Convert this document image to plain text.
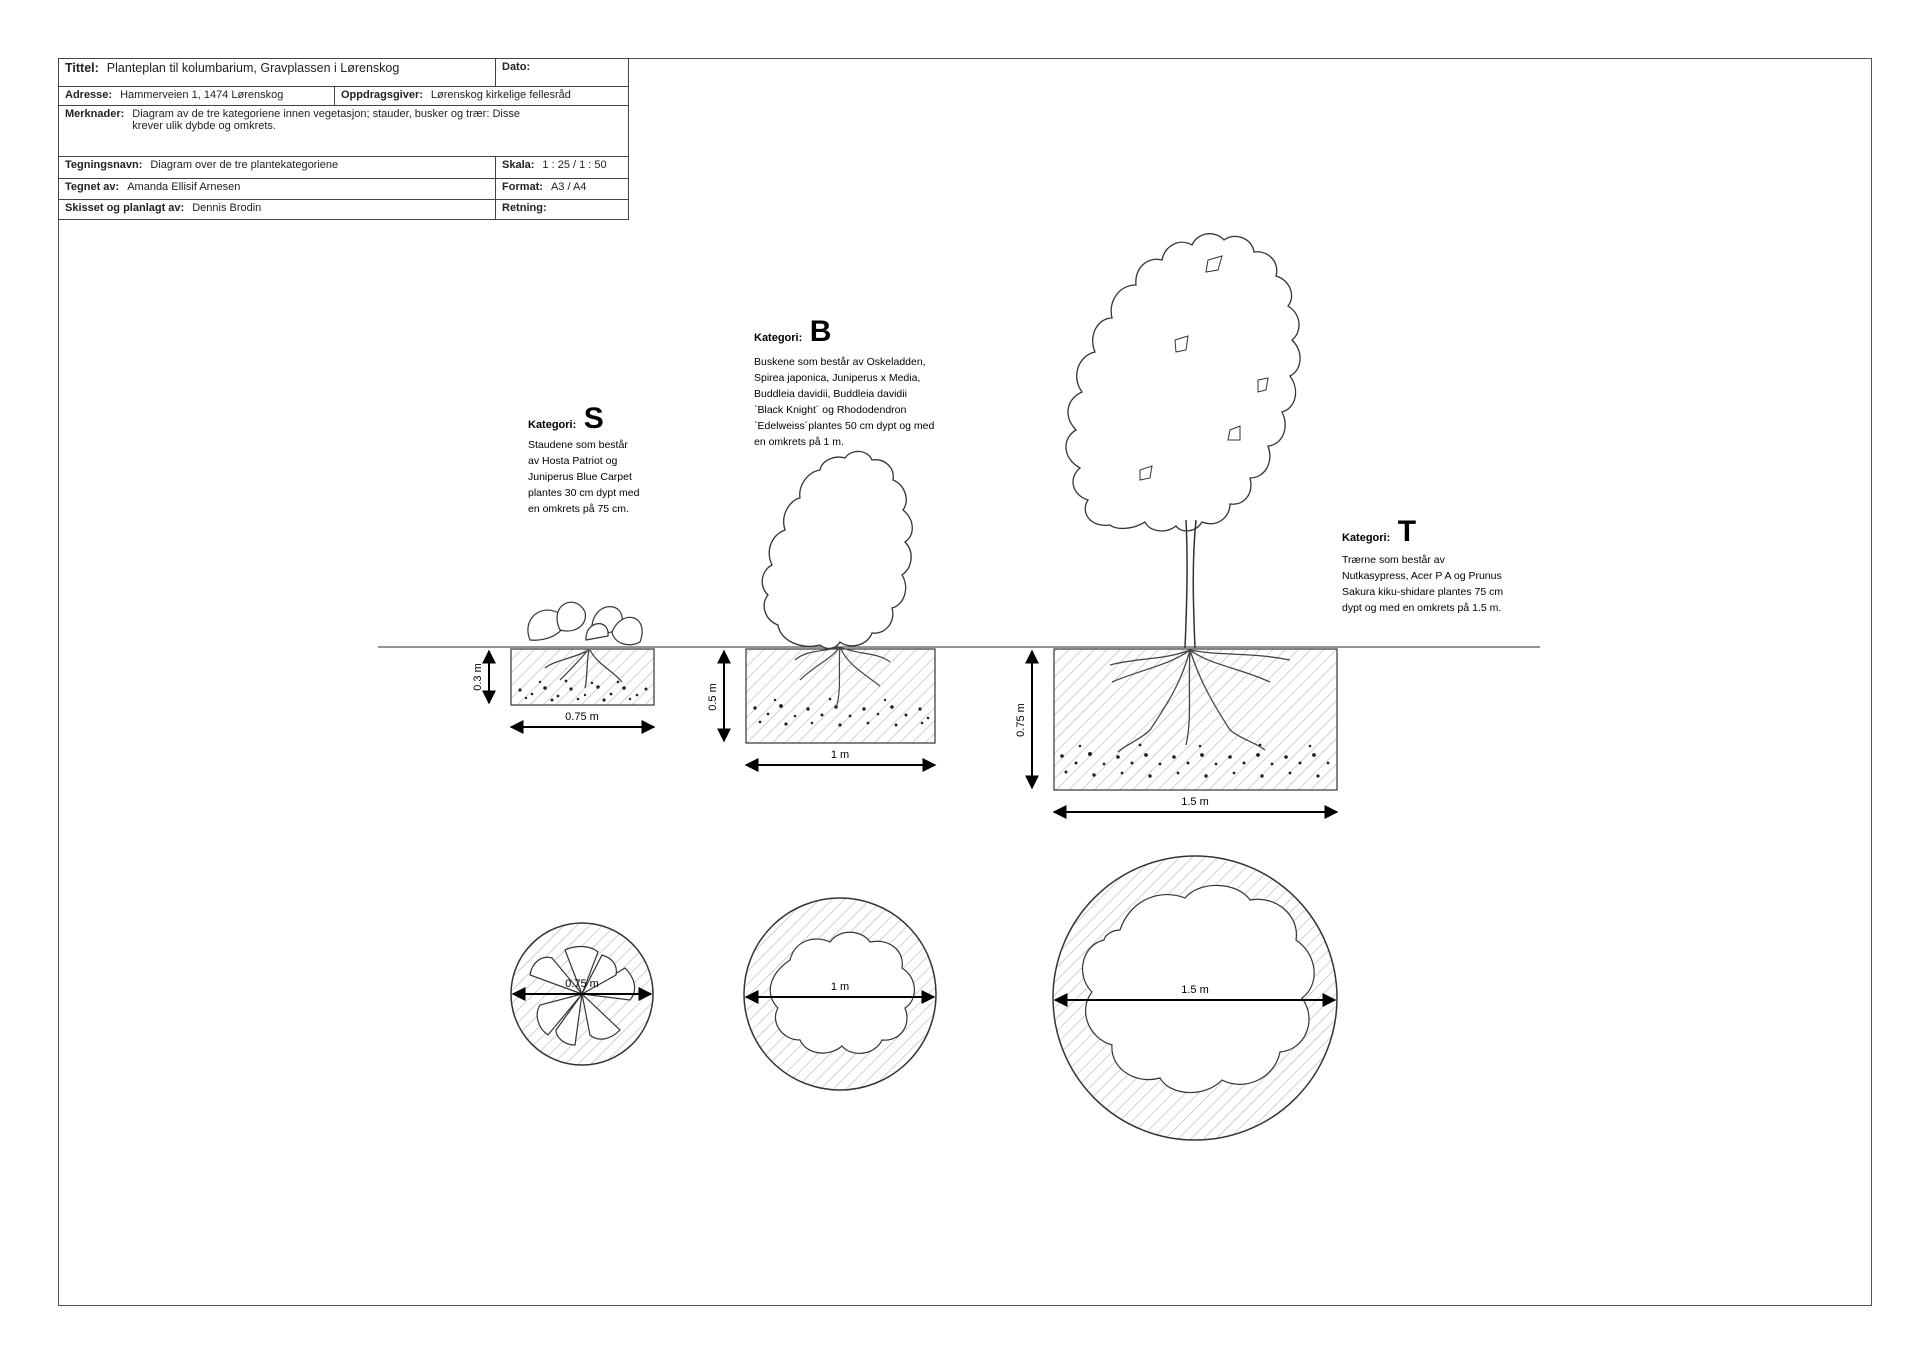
Tittel: Planteplan til kolumbarium, Gravplassen i Lørenskog		Dato:
Adresse: Hammerveien 1, 1474 Lørenskog	Oppdragsgiver: Lørenskog kirkelige fellesråd	

Merknader: Diagram av de tre kategoriene innen vegetasjon; stauder, busker og trær: Disse krever ulik dybde og omkrets.		

Tegningsnavn: Diagram over de tre plantekategoriene		Skala: 1 : 25 / 1 : 50
Tegnet av: Amanda Ellisif Arnesen		Format: A3 / A4
Skisset og planlagt av: Dennis Brodin		Retning:
0.3 m
0.75 m
Kategori: S
Staudene som består av Hosta Patriot og Juniperus Blue Carpet plantes 30 cm dypt med en omkrets på 75 cm.
0.75 m
0.5 m
1 m
Kategori: B
Buskene som består av Oskeladden, Spirea japonica, Juniperus x Media, Buddleia davidii, Buddleia davidii `Black Knight´ og Rhododendron `Edelweiss´plantes 50 cm dypt og med en omkrets på 1 m.
1 m
0.75 m
1.5 m
Kategori: T
Trærne som består av Nutkasypress, Acer P A og Prunus Sakura kiku-shidare plantes 75 cm dypt og med en omkrets på 1.5 m.
1.5 m
